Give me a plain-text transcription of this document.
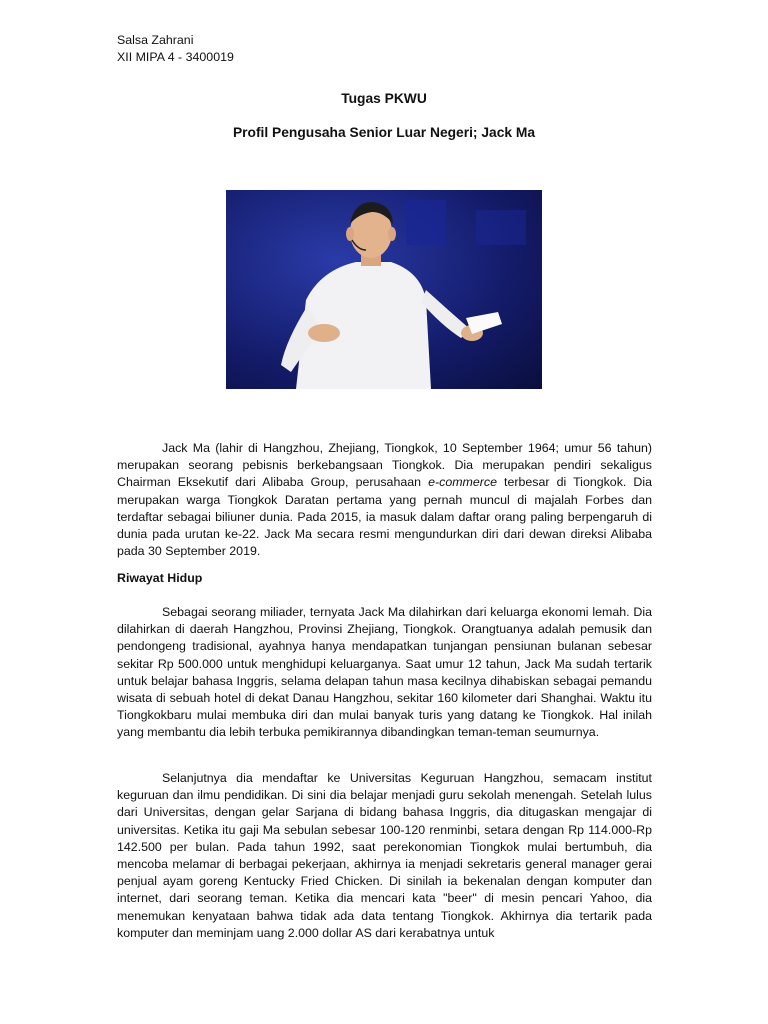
Salsa Zahrani
XII MIPA 4 - 3400019
Tugas PKWU
Profil Pengusaha Senior Luar Negeri; Jack Ma

Jack Ma (lahir di Hangzhou, Zhejiang, Tiongkok, 10 September 1964; umur 56 tahun) merupakan seorang pebisnis berkebangsaan Tiongkok. Dia merupakan pendiri sekaligus Chairman Eksekutif dari Alibaba Group, perusahaan e-commerce terbesar di Tiongkok. Dia merupakan warga Tiongkok Daratan pertama yang pernah muncul di majalah Forbes dan terdaftar sebagai biliuner dunia. Pada 2015, ia masuk dalam daftar orang paling berpengaruh di dunia pada urutan ke-22. Jack Ma secara resmi mengundurkan diri dari dewan direksi Alibaba pada 30 September 2019.

Riwayat Hidup

Sebagai seorang miliader, ternyata Jack Ma dilahirkan dari keluarga ekonomi lemah. Dia dilahirkan di daerah Hangzhou, Provinsi Zhejiang, Tiongkok. Orangtuanya adalah pemusik dan pendongeng tradisional, ayahnya hanya mendapatkan tunjangan pensiunan bulanan sebesar sekitar Rp 500.000 untuk menghidupi keluarganya. Saat umur 12 tahun, Jack Ma sudah tertarik untuk belajar bahasa Inggris, selama delapan tahun masa kecilnya dihabiskan sebagai pemandu wisata di sebuah hotel di dekat Danau Hangzhou, sekitar 160 kilometer dari Shanghai. Waktu itu Tiongkokbaru mulai membuka diri dan mulai banyak turis yang datang ke Tiongkok. Hal inilah yang membantu dia lebih terbuka pemikirannya dibandingkan teman-teman seumurnya.

Selanjutnya dia mendaftar ke Universitas Keguruan Hangzhou, semacam institut keguruan dan ilmu pendidikan. Di sini dia belajar menjadi guru sekolah menengah. Setelah lulus dari Universitas, dengan gelar Sarjana di bidang bahasa Inggris, dia ditugaskan mengajar di universitas. Ketika itu gaji Ma sebulan sebesar 100-120 renminbi, setara dengan Rp 114.000-Rp 142.500 per bulan. Pada tahun 1992, saat perekonomian Tiongkok mulai bertumbuh, dia mencoba melamar di berbagai pekerjaan, akhirnya ia menjadi sekretaris general manager gerai penjual ayam goreng Kentucky Fried Chicken. Di sinilah ia bekenalan dengan komputer dan internet, dari seorang teman. Ketika dia mencari kata "beer" di mesin pencari Yahoo, dia menemukan kenyataan bahwa tidak ada data tentang Tiongkok. Akhirnya dia tertarik pada komputer dan meminjam uang 2.000 dollar AS dari kerabatnya untuk
